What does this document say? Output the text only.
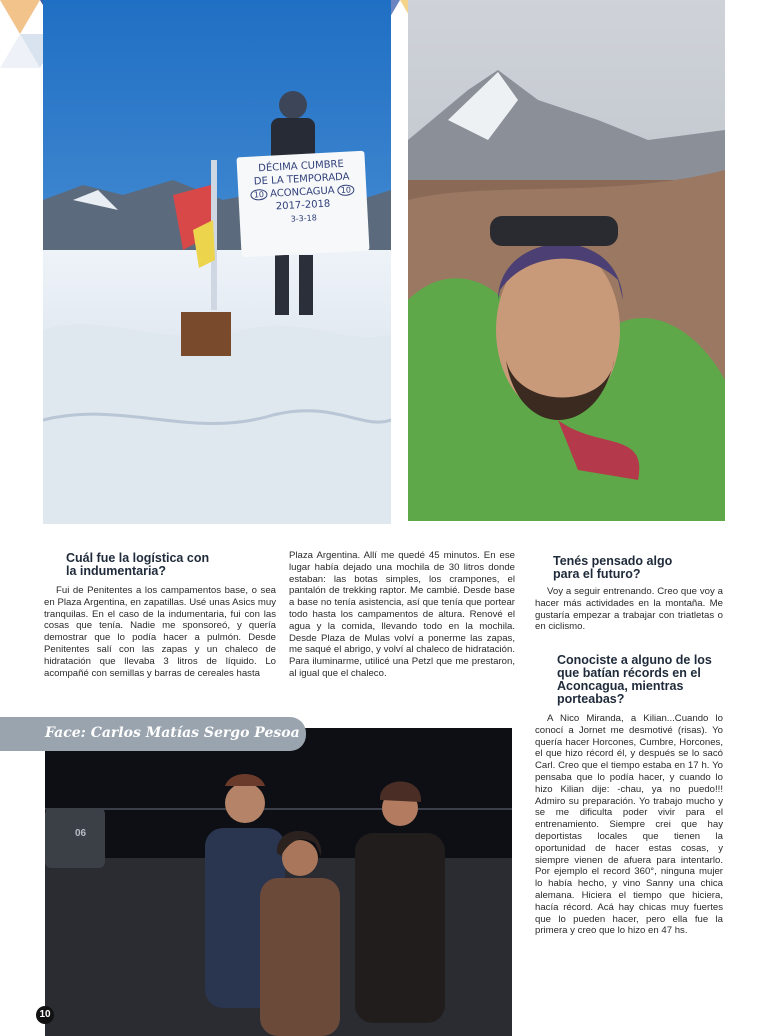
DÉCIMA CUMBRE
DE LA TEMPORADA
10 ACONCAGUA 10
2017-2018
3-3-18
Cuál fue la logística con la indumentaria?

Fui de Penitentes a los campamentos base, o sea en Plaza Argentina, en zapatillas. Usé unas Asics muy tranquilas. En el caso de la indumentaria, fui con las cosas que tenía. Nadie me sponsoreó, y quería demostrar que lo podía hacer a pulmón. Desde Penitentes salí con las zapas y un chaleco de hidratación que llevaba 3 litros de líquido. Lo acompañé con semillas y barras de cereales hasta

Plaza Argentina. Allí me quedé 45 minutos. En ese lugar había dejado una mochila de 30 litros donde estaban: las botas simples, los crampones, el pantalón de trekking raptor. Me cambié. Desde base a base no tenía asistencia, así que tenía que portear todo hasta los campamentos de altura. Renové el agua y la comida, llevando todo en la mochila. Desde Plaza de Mulas volví a ponerme las zapas, me saqué el abrigo, y volví al chaleco de hidratación. Para iluminarme, utilicé una Petzl que me prestaron, al igual que el chaleco.

Tenés pensado algo para el futuro?

Voy a seguir entrenando. Creo que voy a hacer más actividades en la montaña. Me gustaría empezar a trabajar con triatletas o en ciclismo.

Conociste a alguno de los que batían récords en el Aconcagua, mientras porteabas?

A Nico Miranda, a Kilian...Cuando lo conocí a Jornet me desmotivé (risas). Yo quería hacer Horcones, Cumbre, Horcones, el que hizo récord él, y después se lo sacó Carl. Creo que el tiempo estaba en 17 h. Yo pensaba que lo podía hacer, y cuando lo hizo Kilian dije: -chau, ya no puedo!!! Admiro su preparación. Yo trabajo mucho y se me dificulta poder vivir para el entrenamiento. Siempre crei que hay deportistas locales que tienen la oportunidad de hacer estas cosas, y siempre vienen de afuera para intentarlo. Por ejemplo el record 360°, ninguna mujer lo había hecho, y vino Sanny una chica alemana. Hiciera el tiempo que hiciera, hacía récord. Acá hay chicas muy fuertes que lo pueden hacer, pero ella fue la primera y creo que lo hizo en 47 hs.

06
Face: Carlos Matías Sergo Pesoa
10
